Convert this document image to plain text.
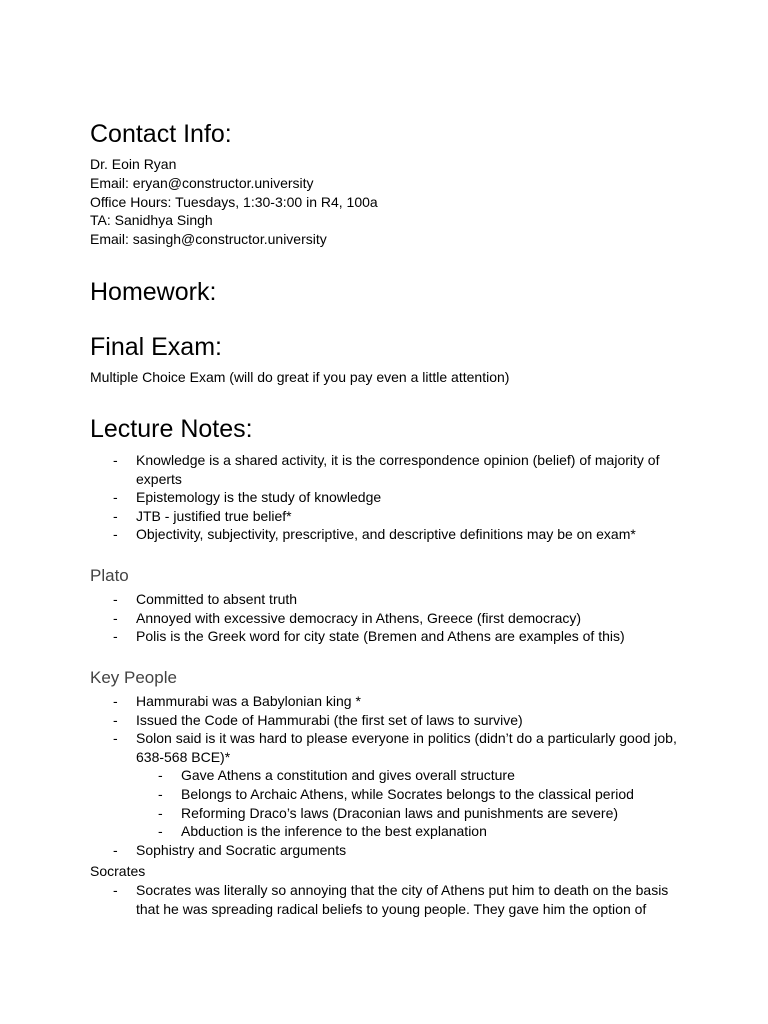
Contact Info:
Dr. Eoin Ryan
Email: eryan@constructor.university
Office Hours: Tuesdays, 1:30-3:00 in R4, 100a
TA: Sanidhya Singh
Email: sasingh@constructor.university
Homework:
Final Exam:
Multiple Choice Exam (will do great if you pay even a little attention)
Lecture Notes:
- Knowledge is a shared activity, it is the correspondence opinion (belief) of majority of experts
- Epistemology is the study of knowledge
- JTB - justified true belief*
- Objectivity, subjectivity, prescriptive, and descriptive definitions may be on exam*
Plato
- Committed to absent truth
- Annoyed with excessive democracy in Athens, Greece (first democracy)
- Polis is the Greek word for city state (Bremen and Athens are examples of this)
Key People
- Hammurabi was a Babylonian king *
- Issued the Code of Hammurabi (the first set of laws to survive)
- Solon said is it was hard to please everyone in politics (didn’t do a particularly good job, 638-568 BCE)*
- Gave Athens a constitution and gives overall structure
- Belongs to Archaic Athens, while Socrates belongs to the classical period
- Reforming Draco’s laws (Draconian laws and punishments are severe)
- Abduction is the inference to the best explanation
- Sophistry and Socratic arguments
Socrates
- Socrates was literally so annoying that the city of Athens put him to death on the basis that he was spreading radical beliefs to young people. They gave him the option of
